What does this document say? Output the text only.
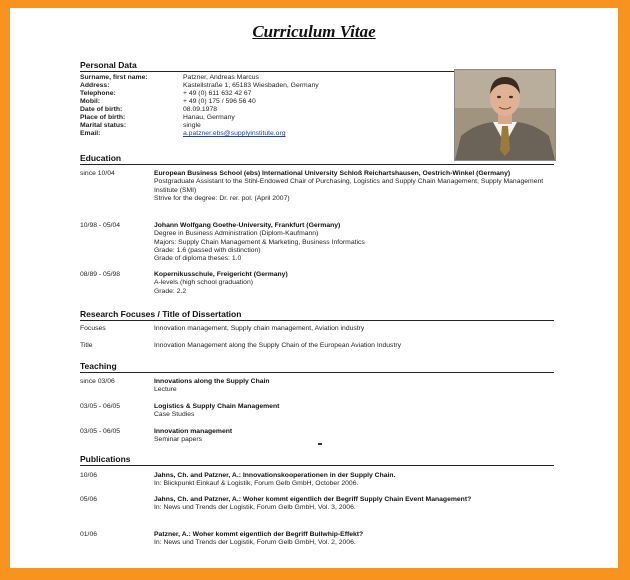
Curriculum Vitae
Personal Data
Surname, first name:	Patzner, Andreas Marcus
Address:	Kastellstraße 1, 65183 Wiesbaden, Germany
Telephone:	+ 49 (0) 611 632 42 67
Mobil:	+ 49 (0) 175 / 596 56 40
Date of birth:	08.09.1978
Place of birth:	Hanau, Germany
Marital status:	single
Email:	a.patzner.ebs@supplyinstitute.org
Education
since 10/04	European Business School (ebs) International University Schloß Reichartshausen, Oestrich-Winkel (Germany)
Postgraduate Assistant to the Stihl-Endowed Chair of Purchasing, Logistics and Supply Chain Management, Supply Management Institute (SMI)
Strive for the degree: Dr. rer. pol. (April 2007)
10/98 - 05/04	Johann Wolfgang Goethe-University, Frankfurt (Germany)
Degree in Business Administration (Diplom-Kaufmann)
Majors: Supply Chain Management & Marketing, Business Informatics
Grade: 1.6 (passed with distinction)
Grade of diploma theses: 1.0
08/89 - 05/98	Kopernikusschule, Freigericht (Germany)
A-levels (high school graduation)
Grade: 2.2
Research Focuses / Title of Dissertation
Focuses	Innovation management, Supply chain management, Aviation industry
Title	Innovation Management along the Supply Chain of the European Aviation Industry
Teaching
since 03/06	Innovations along the Supply Chain
Lecture
03/05 - 06/05	Logistics & Supply Chain Management
Case Studies
03/05 - 06/05	Innovation management
Seminar papers
Publications
10/06	Jahns, Ch. and Patzner, A.: Innovationskooperationen in der Supply Chain.
In: Blickpunkt Einkauf & Logistik, Forum Gelb GmbH, October 2006.
05/06	Jahns, Ch. and Patzner, A.: Woher kommt eigentlich der Begriff Supply Chain Event Management?
In: News und Trends der Logistik, Forum Gelb GmbH, Vol. 3, 2006.
01/06	Patzner, A.: Woher kommt eigentlich der Begriff Bullwhip-Effekt?
In: News und Trends der Logistik, Forum Gelb GmbH, Vol. 2, 2006.
